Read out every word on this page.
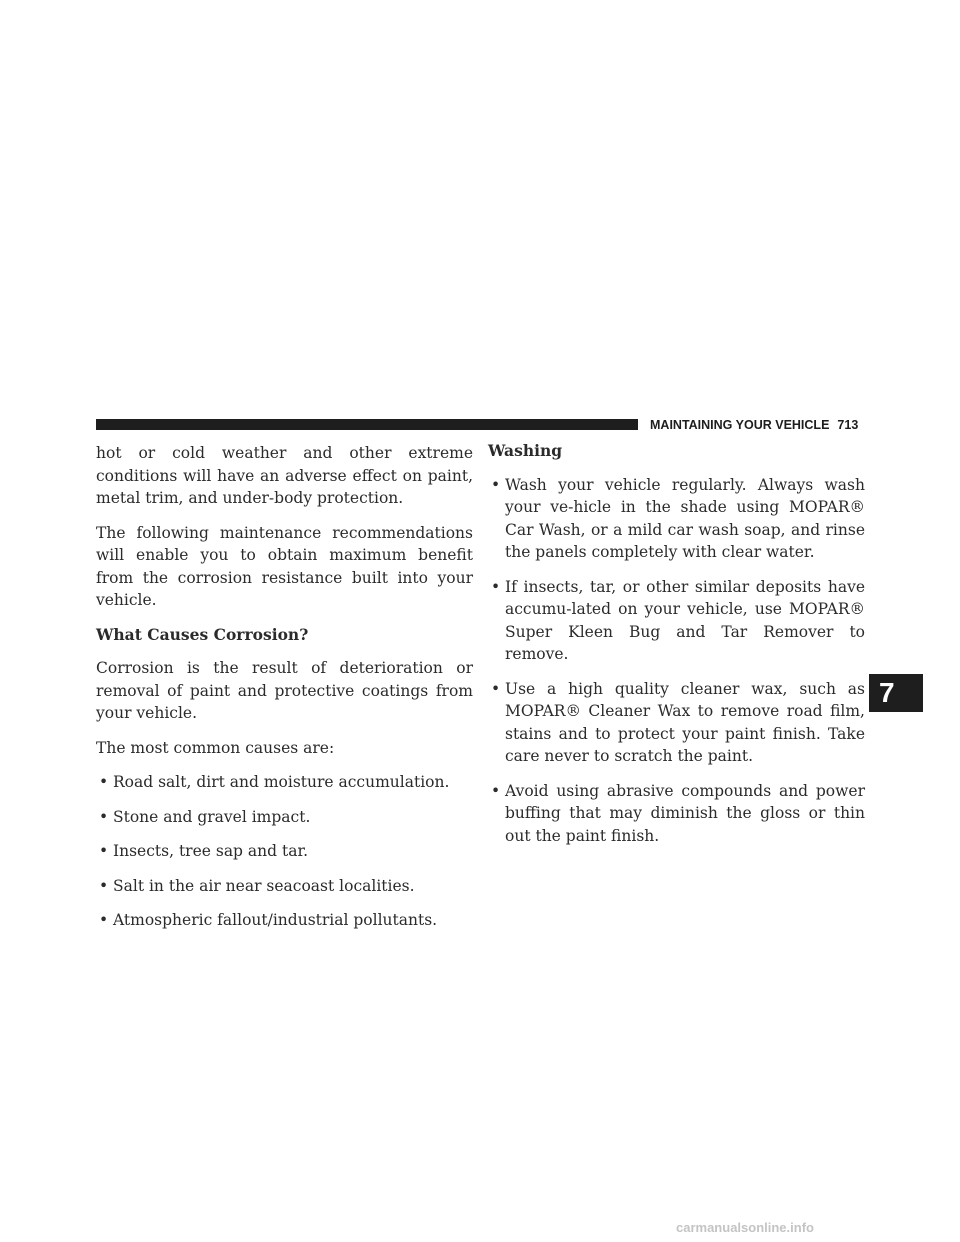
MAINTAINING YOUR VEHICLE 713

hot or cold weather and other extreme conditions will have an adverse effect on paint, metal trim, and under-body protection.

The following maintenance recommendations will enable you to obtain maximum benefit from the corrosion resistance built into your vehicle.

What Causes Corrosion?

Corrosion is the result of deterioration or removal of paint and protective coatings from your vehicle.

The most common causes are:

• Road salt, dirt and moisture accumulation.
• Stone and gravel impact.
• Insects, tree sap and tar.
• Salt in the air near seacoast localities.
• Atmospheric fallout/industrial pollutants.
Washing
• Wash your vehicle regularly. Always wash your ve-hicle in the shade using MOPAR® Car Wash, or a mild car wash soap, and rinse the panels completely with clear water.
• If insects, tar, or other similar deposits have accumu-lated on your vehicle, use MOPAR® Super Kleen Bug and Tar Remover to remove.
• Use a high quality cleaner wax, such as MOPAR® Cleaner Wax to remove road film, stains and to protect your paint finish. Take care never to scratch the paint.
• Avoid using abrasive compounds and power buffing that may diminish the gloss or thin out the paint finish.
7
carmanualsonline.info
